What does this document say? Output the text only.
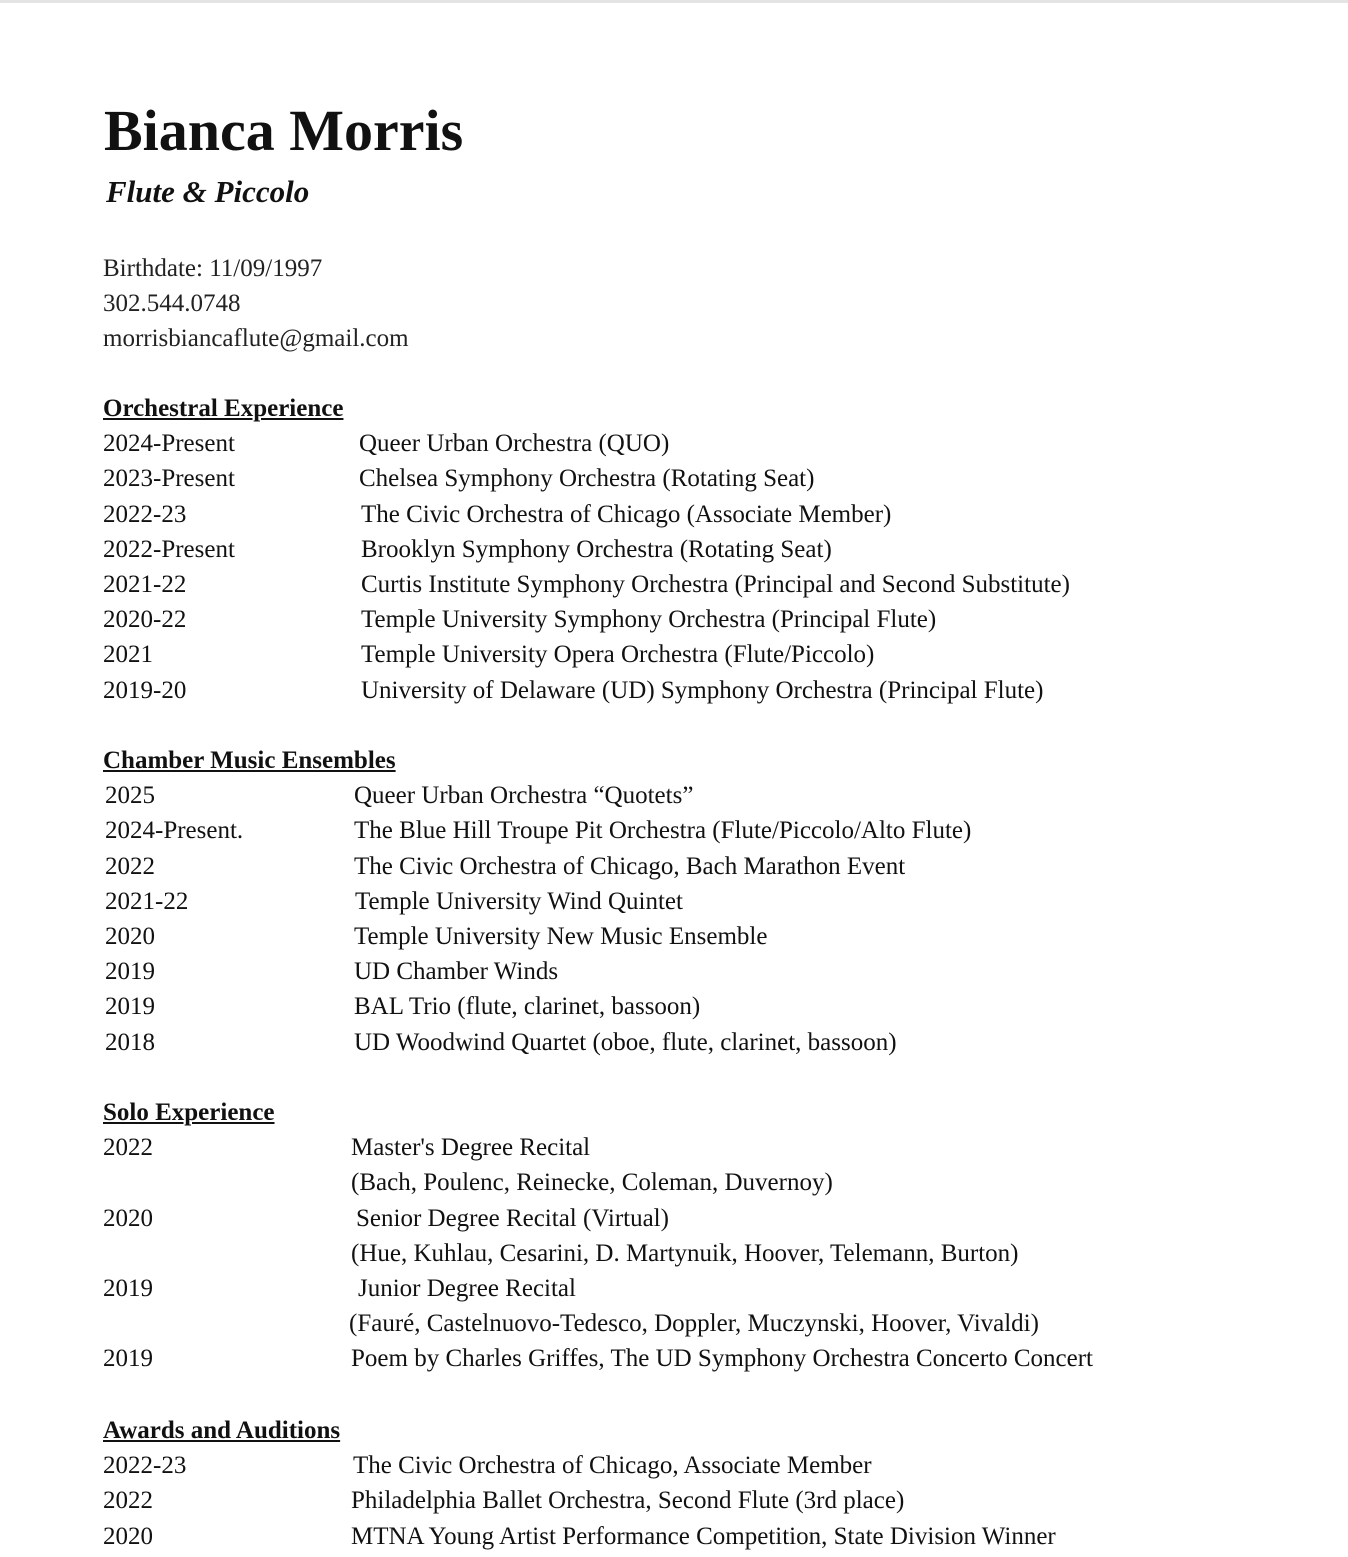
Bianca Morris
Flute & Piccolo
Birthdate: 11/09/1997
302.544.0748
morrisbiancaflute@gmail.com
Orchestral Experience
2024-Present	Queer Urban Orchestra (QUO)
2023-Present	Chelsea Symphony Orchestra (Rotating Seat)
2022-23	The Civic Orchestra of Chicago (Associate Member)
2022-Present	Brooklyn Symphony Orchestra (Rotating Seat)
2021-22	Curtis Institute Symphony Orchestra (Principal and Second Substitute)
2020-22	Temple University Symphony Orchestra (Principal Flute)
2021	Temple University Opera Orchestra (Flute/Piccolo)
2019-20	University of Delaware (UD) Symphony Orchestra (Principal Flute)
Chamber Music Ensembles
2025	Queer Urban Orchestra “Quotets”
2024-Present.	The Blue Hill Troupe Pit Orchestra (Flute/Piccolo/Alto Flute)
2022	The Civic Orchestra of Chicago, Bach Marathon Event
2021-22	Temple University Wind Quintet
2020	Temple University New Music Ensemble
2019	UD Chamber Winds
2019	BAL Trio (flute, clarinet, bassoon)
2018	UD Woodwind Quartet (oboe, flute, clarinet, bassoon)
Solo Experience
2022	Master's Degree Recital
(Bach, Poulenc, Reinecke, Coleman, Duvernoy)
2020	Senior Degree Recital (Virtual)
(Hue, Kuhlau, Cesarini, D. Martynuik, Hoover, Telemann, Burton)
2019	Junior Degree Recital
(Fauré, Castelnuovo-Tedesco, Doppler, Muczynski, Hoover, Vivaldi)
2019	Poem by Charles Griffes, The UD Symphony Orchestra Concerto Concert
Awards and Auditions
2022-23	The Civic Orchestra of Chicago, Associate Member
2022	Philadelphia Ballet Orchestra, Second Flute (3rd place)
2020	MTNA Young Artist Performance Competition, State Division Winner
